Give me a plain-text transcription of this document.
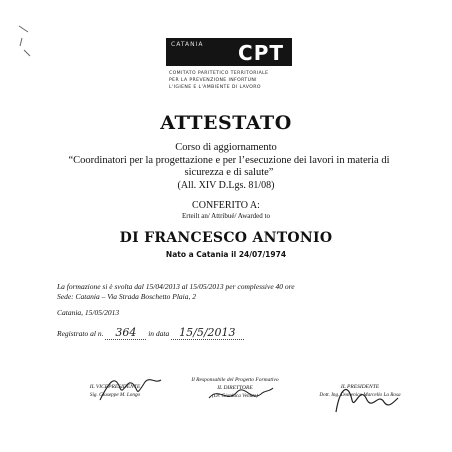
CATANIA CPT
COMITATO PARITETICO TERRITORIALE
PER LA PREVENZIONE INFORTUNI
L'IGIENE E L'AMBIENTE DI LAVORO
ATTESTATO
Corso di aggiornamento
“Coordinatori per la progettazione e per l’esecuzione dei lavori in materia di sicurezza e di salute”
(All. XIV D.Lgs. 81/08)
CONFERITO A:
Erteilt an/ Attribué/ Awarded to
DI FRANCESCO ANTONIO
Nato a Catania il 24/07/1974
La formazione si è svolta dal 15/04/2013 al 15/05/2013 per complessive 40 ore
Sede: Catania – Via Strada Boschetto Plaia, 2
Catania, 15/05/2013
Registrato al n. 364 in data 15/5/2013
IL VICEPRESIDENTE
Sig. Giuseppe M. Longo
Il Responsabile del Progetto Formativo
IL DIRETTORE
(Dr. Gianluca Venuto)
IL PRESIDENTE
Dott. Ing. Domenico Marcello La Rosa
